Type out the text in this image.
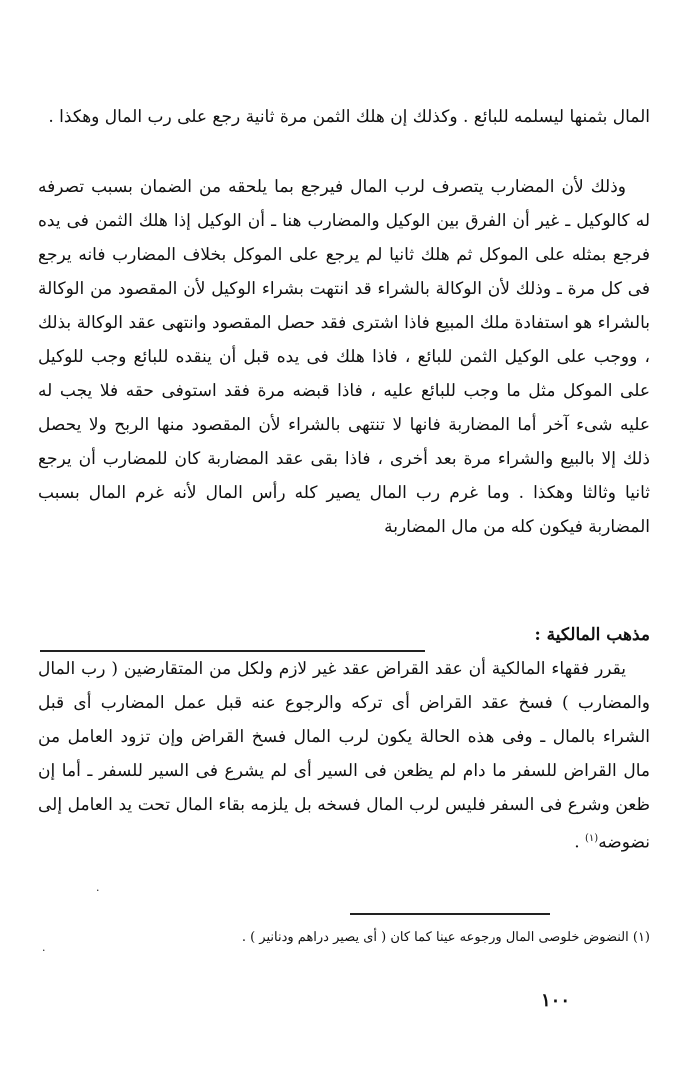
المال بثمنها ليسلمه للبائع . وكذلك إن هلك الثمن مرة ثانية رجع على رب المال وهكذا .

وذلك لأن المضارب يتصرف لرب المال فيرجع بما يلحقه من الضمان بسبب تصرفه له كالوكيل ـ غير أن الفرق بين الوكيل والمضارب هنا ـ أن الوكيل إذا هلك الثمن فى يده فرجع بمثله على الموكل ثم هلك ثانيا لم يرجع على الموكل بخلاف المضارب فانه يرجع فى كل مرة ـ وذلك لأن الوكالة بالشراء قد انتهت بشراء الوكيل لأن المقصود من الوكالة بالشراء هو استفادة ملك المبيع فاذا اشترى فقد حصل المقصود وانتهى عقد الوكالة بذلك ، ووجب على الوكيل الثمن للبائع ، فاذا هلك فى يده قبل أن ينقده للبائع وجب للوكيل على الموكل مثل ما وجب للبائع عليه ، فاذا قبضه مرة فقد استوفى حقه فلا يجب له عليه شىء آخر أما المضاربة فانها لا تنتهى بالشراء لأن المقصود منها الربح ولا يحصل ذلك إلا بالبيع والشراء مرة بعد أخرى ، فاذا بقى عقد المضاربة كان للمضارب أن يرجع ثانيا وثالثا وهكذا . وما غرم رب المال يصير كله رأس المال لأنه غرم المال بسبب المضاربة فيكون كله من مال المضاربة

مذهب المالكية :

يقرر فقهاء المالكية أن عقد القراض عقد غير لازم ولكل من المتقارضين ( رب المال والمضارب ) فسخ عقد القراض أى تركه والرجوع عنه قبل عمل المضارب أى قبل الشراء بالمال ـ وفى هذه الحالة يكون لرب المال فسخ القراض وإن تزود العامل من مال القراض للسفر ما دام لم يظعن فى السير أى لم يشرع فى السير للسفر ـ أما إن ظعن وشرع فى السفر فليس لرب المال فسخه بل يلزمه بقاء المال تحت يد العامل إلى نضوضه$^{(١)}$ .

(١) النضوض خلوصى المال ورجوعه عينا كما كان ( أى يصير دراهم ودنانير ) .

١٠٠
·
·
